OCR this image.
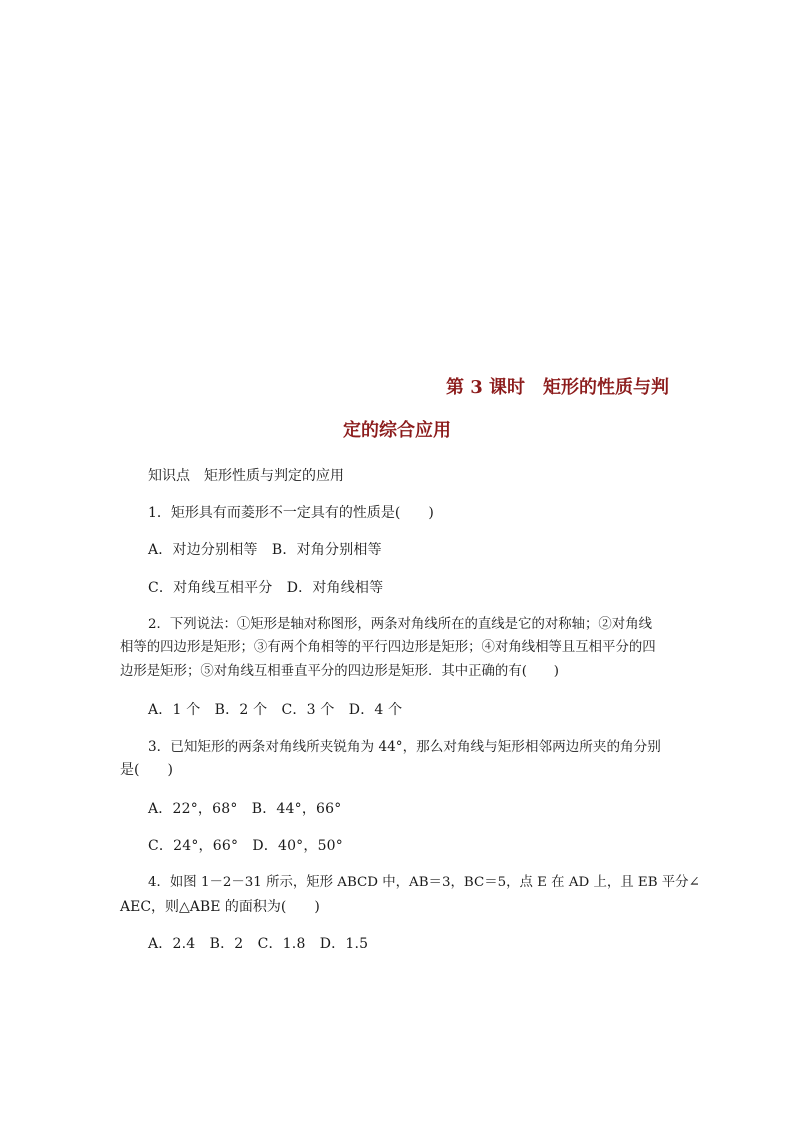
第 3 课时　矩形的性质与判
定的综合应用
知识点　矩形性质与判定的应用
1．矩形具有而菱形不一定具有的性质是(　　)
A．对边分别相等　B．对角分别相等
C．对角线互相平分　D．对角线相等
2．下列说法：①矩形是轴对称图形，两条对角线所在的直线是它的对称轴；②对角线
相等的四边形是矩形；③有两个角相等的平行四边形是矩形；④对角线相等且互相平分的四
边形是矩形；⑤对角线互相垂直平分的四边形是矩形．其中正确的有(　　)
A．1 个　B．2 个　C．3 个　D．4 个
3．已知矩形的两条对角线所夹锐角为 44°，那么对角线与矩形相邻两边所夹的角分别
是(　　)
A．22°，68°　B．44°，66°
C．24°，66°　D．40°，50°
4．如图 1－2－31 所示，矩形 ABCD 中，AB＝3，BC＝5，点 E 在 AD 上，且 EB 平分∠
AEC，则△ABE 的面积为(　　)
A．2.4　B．2　C．1.8　D．1.5
